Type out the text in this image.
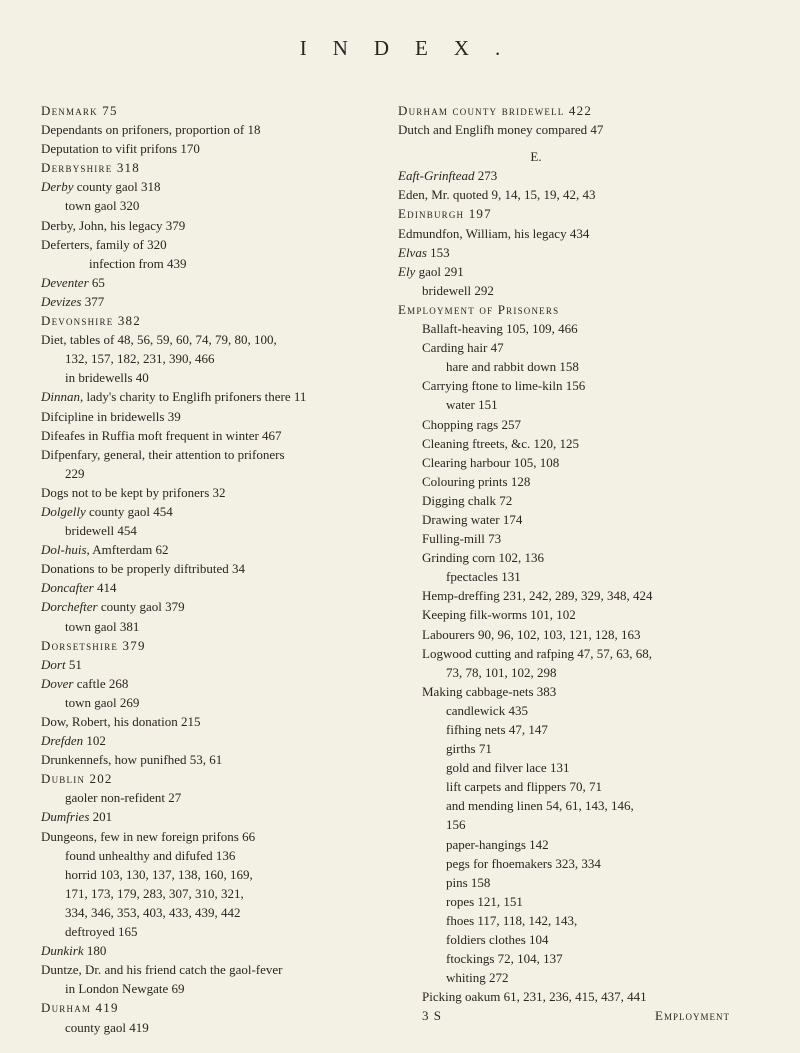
INDEX.
Denmark 75
Dependants on prifoners, proportion of 18
Deputation to vifit prifons 170
Derbyshire 318
Derby county gaol 318
town gaol 320
Derby, John, his legacy 379
Deferters, family of 320
infection from 439
Deventer 65
Devizes 377
Devonshire 382
Diet, tables of 48, 56, 59, 60, 74, 79, 80, 100,
132, 157, 182, 231, 390, 466
in bridewells 40
Dinnan, lady's charity to Englifh prifoners there 11
Difcipline in bridewells 39
Difeafes in Ruffia moft frequent in winter 467
Difpenfary, general, their attention to prifoners
229
Dogs not to be kept by prifoners 32
Dolgelly county gaol 454
bridewell 454
Dol-huis, Amfterdam 62
Donations to be properly diftributed 34
Doncafter 414
Dorchefter county gaol 379
town gaol 381
Dorsetshire 379
Dort 51
Dover caftle 268
town gaol 269
Dow, Robert, his donation 215
Drefden 102
Drunkennefs, how punifhed 53, 61
Dublin 202
gaoler non-refident 27
Dumfries 201
Dungeons, few in new foreign prifons 66
found unhealthy and difufed 136
horrid 103, 130, 137, 138, 160, 169,
171, 173, 179, 283, 307, 310, 321,
334, 346, 353, 403, 433, 439, 442
deftroyed 165
Dunkirk 180
Duntze, Dr. and his friend catch the gaol-fever
in London Newgate 69
Durham 419
county gaol 419
Durham county bridewell 422
Dutch and Englifh money compared 47
E.
Eaft-Grinftead 273
Eden, Mr. quoted 9, 14, 15, 19, 42, 43
Edinburgh 197
Edmundfon, William, his legacy 434
Elvas 153
Ely gaol 291
bridewell 292
Employment of Prisoners
Ballaft-heaving 105, 109, 466
Carding hair 47
hare and rabbit down 158
Carrying ftone to lime-kiln 156
water 151
Chopping rags 257
Cleaning ftreets, &c. 120, 125
Clearing harbour 105, 108
Colouring prints 128
Digging chalk 72
Drawing water 174
Fulling-mill 73
Grinding corn 102, 136
fpectacles 131
Hemp-dreffing 231, 242, 289, 329, 348, 424
Keeping filk-worms 101, 102
Labourers 90, 96, 102, 103, 121, 128, 163
Logwood cutting and rafping 47, 57, 63, 68,
73, 78, 101, 102, 298
Making cabbage-nets 383
candlewick 435
fifhing nets 47, 147
girths 71
gold and filver lace 131
lift carpets and flippers 70, 71
and mending linen 54, 61, 143, 146,
156
paper-hangings 142
pegs for fhoemakers 323, 334
pins 158
ropes 121, 151
fhoes 117, 118, 142, 143,
foldiers clothes 104
ftockings 72, 104, 137
whiting 272
Picking oakum 61, 231, 236, 415, 437, 441
3 S	Employment
